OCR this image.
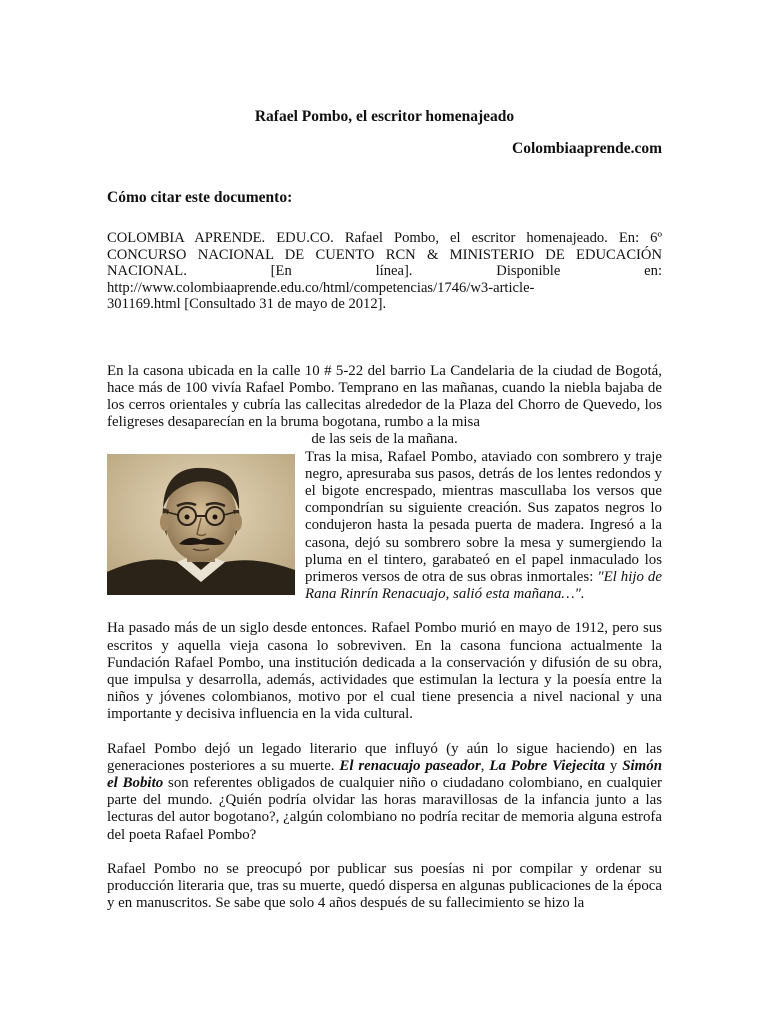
Rafael Pombo, el escritor homenajeado
Colombiaaprende.com
Cómo citar este documento:
COLOMBIA APRENDE. EDU.CO. Rafael Pombo, el escritor homenajeado. En: 6º
CONCURSO NACIONAL DE CUENTO RCN & MINISTERIO DE EDUCACIÓN
NACIONAL. [En línea]. Disponible en:
http://www.colombiaaprende.edu.co/html/competencias/1746/w3-article-
301169.html [Consultado 31 de mayo de 2012].

En la casona ubicada en la calle 10 # 5-22 del barrio La Candelaria de la ciudad de Bogotá, hace más de 100 vivía Rafael Pombo. Temprano en las mañanas, cuando la niebla bajaba de los cerros orientales y cubría las callecitas alrededor de la Plaza del Chorro de Quevedo, los feligreses desaparecían en la bruma bogotana, rumbo a la misa
de las seis de la mañana.

Tras la misa, Rafael Pombo, ataviado con sombrero y traje negro, apresuraba sus pasos, detrás de los lentes redondos y el bigote encrespado, mientras mascullaba los versos que compondrían su siguiente creación. Sus zapatos negros lo condujeron hasta la pesada puerta de madera. Ingresó a la casona, dejó su sombrero sobre la mesa y sumergiendo la pluma en el tintero, garabateó en el papel inmaculado los primeros versos de otra de sus obras inmortales: "El hijo de Rana Rinrín Renacuajo, salió esta mañana…".

Ha pasado más de un siglo desde entonces. Rafael Pombo murió en mayo de 1912, pero sus escritos y aquella vieja casona lo sobreviven. En la casona funciona actualmente la Fundación Rafael Pombo, una institución dedicada a la conservación y difusión de su obra, que impulsa y desarrolla, además, actividades que estimulan la lectura y la poesía entre la niños y jóvenes colombianos, motivo por el cual tiene presencia a nivel nacional y una importante y decisiva influencia en la vida cultural.

Rafael Pombo dejó un legado literario que influyó (y aún lo sigue haciendo) en las generaciones posteriores a su muerte. El renacuajo paseador, La Pobre Viejecita y Simón el Bobito son referentes obligados de cualquier niño o ciudadano colombiano, en cualquier parte del mundo. ¿Quién podría olvidar las horas maravillosas de la infancia junto a las lecturas del autor bogotano?, ¿algún colombiano no podría recitar de memoria alguna estrofa del poeta Rafael Pombo?

Rafael Pombo no se preocupó por publicar sus poesías ni por compilar y ordenar su producción literaria que, tras su muerte, quedó dispersa en algunas publicaciones de la época y en manuscritos. Se sabe que solo 4 años después de su fallecimiento se hizo la
